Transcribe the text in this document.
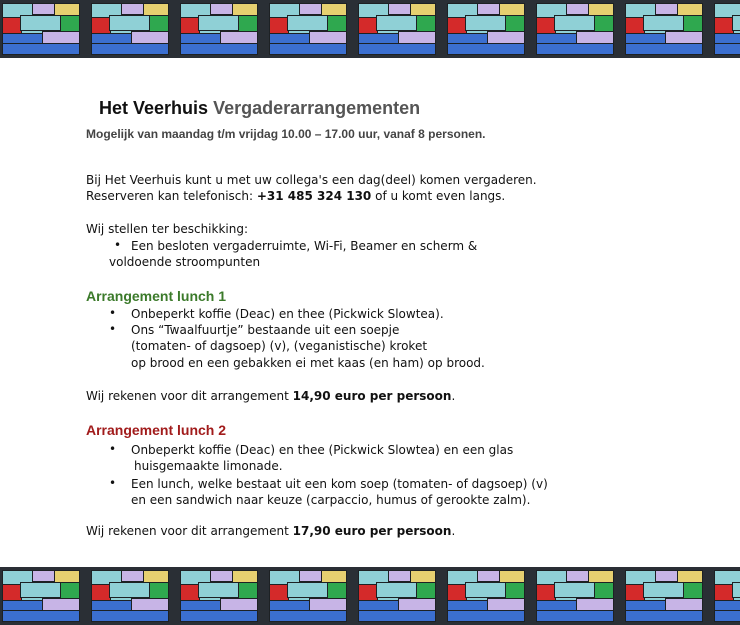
Het Veerhuis Vergaderarrangementen
Mogelijk van maandag t/m vrijdag 10.00 – 17.00 uur, vanaf 8 personen.
Bij Het Veerhuis kunt u met uw collega's een dag(deel) komen vergaderen.
Reserveren kan telefonisch: +31 485 324 130 of u komt even langs.
Wij stellen ter beschikking:
• Een besloten vergaderruimte, Wi-Fi, Beamer en scherm &
voldoende stroompunten
Arrangement lunch 1
• Onbeperkt koffie (Deac) en thee (Pickwick Slowtea).
• Ons “Twaalfuurtje” bestaande uit een soepje
(tomaten- of dagsoep) (v), (veganistische) kroket
op brood en een gebakken ei met kaas (en ham) op brood.
Wij rekenen voor dit arrangement 14,90 euro per persoon.
Arrangement lunch 2
• Onbeperkt koffie (Deac) en thee (Pickwick Slowtea) en een glas
huisgemaakte limonade.
• Een lunch, welke bestaat uit een kom soep (tomaten- of dagsoep) (v)
en een sandwich naar keuze (carpaccio, humus of gerookte zalm).
Wij rekenen voor dit arrangement 17,90 euro per persoon.
